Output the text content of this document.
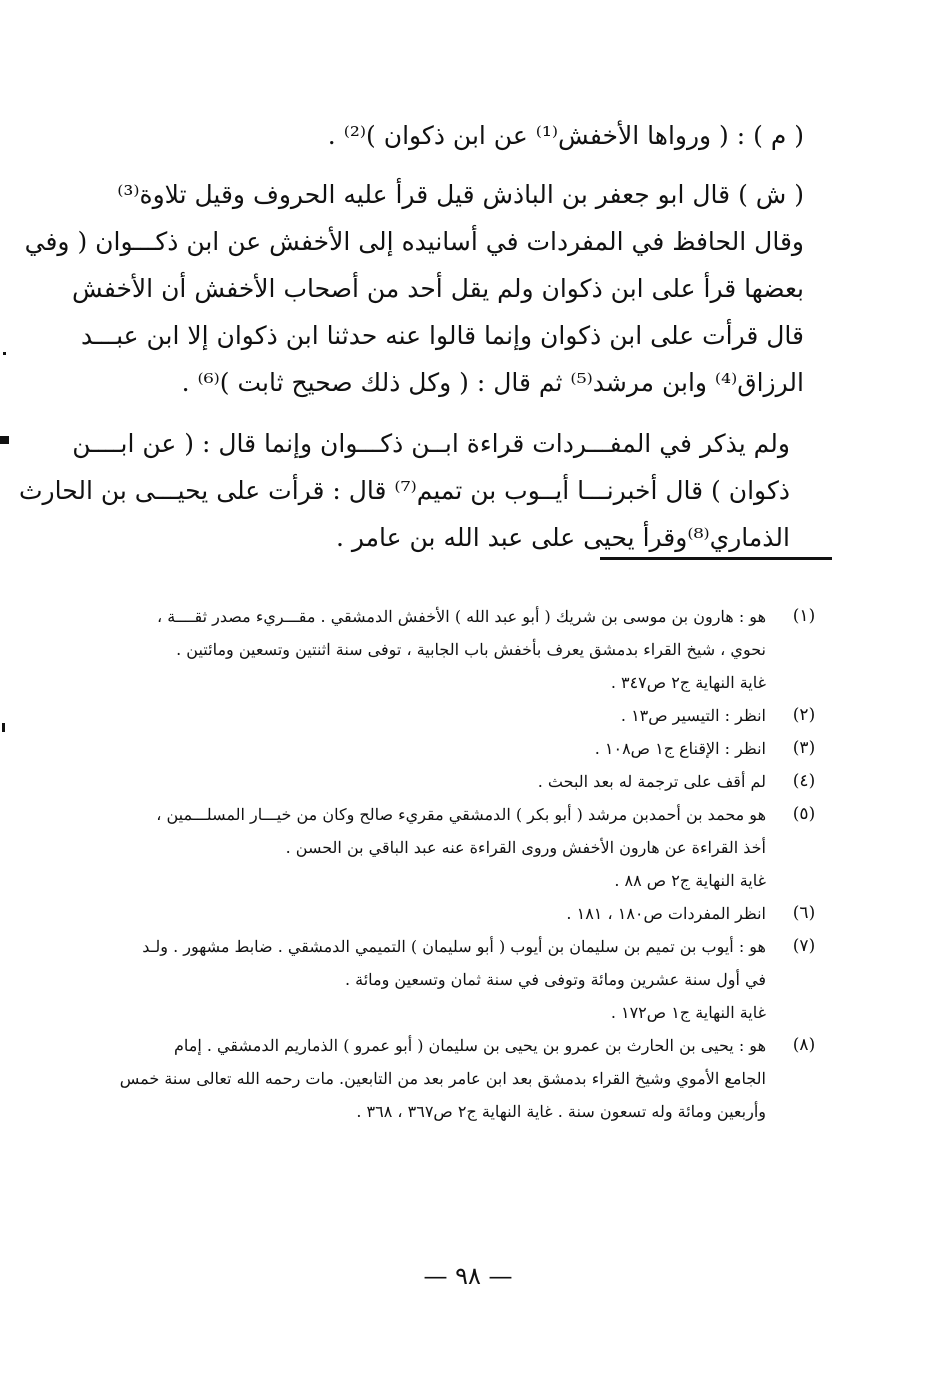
( م ) : ( ورواها الأخفش⁽¹⁾ عن ابن ذكوان )⁽²⁾ .

( ش ) قال ابو جعفر بن الباذش قيل قرأ عليه الحروف وقيل تلاوة⁽³⁾
وقال الحافظ في المفردات في أسانيده إلى الأخفش عن ابن ذكـــوان ( وفي
بعضها قرأ على ابن ذكوان ولم يقل أحد من أصحاب الأخفش أن الأخفش
قال قرأت على ابن ذكوان وإنما قالوا عنه حدثنا ابن ذكوان إلا ابن عبـــد
الرزاق⁽⁴⁾ وابن مرشد⁽⁵⁾ ثم قال : ( وكل ذلك صحيح ثابت )⁽⁶⁾ .

ولم يذكر في المفـــردات قراءة ابــن ذكـــوان وإنما قال : ( عن ابــــن
ذكوان ) قال أخبرنـــا أيــوب بن تميم⁽⁷⁾ قال : قرأت على يحيـــى بن الحارث
الذماري⁽⁸⁾وقرأ يحيى على عبد الله بن عامر .

(١)
هو : هارون بن موسى بن شريك ( أبو عبد الله ) الأخفش الدمشقي . مقـــريء مصدر ثقــــة ،
نحوي ، شيخ القراء بدمشق يعرف بأخفش باب الجابية ، توفى سنة اثنتين وتسعين ومائتين .
غاية النهاية ج٢ ص٣٤٧ .
(٢)
انظر : التيسير ص١٣ .
(٣)
انظر : الإقناع ج١ ص١٠٨ .
(٤)
لم أقف على ترجمة له بعد البحث .
(٥)
هو محمد بن أحمدبن مرشد ( أبو بكر ) الدمشقي مقريء صالح وكان من خيـــار المسلـــمين ،
أخذ القراءة عن هارون الأخفش وروى القراءة عنه عبد الباقي بن الحسن .
غاية النهاية ج٢ ص ٨٨ .
(٦)
انظر المفردات ص١٨٠ ، ١٨١ .
(٧)
هو : أيوب بن تميم بن سليمان بن أيوب ( أبو سليمان ) التميمي الدمشقي . ضابط مشهور . ولـد
في أول سنة عشرين ومائة وتوفى في سنة ثمان وتسعين ومائة .
غاية النهاية ج١ ص١٧٢ .
(٨)
هو : يحيى بن الحارث بن عمرو بن يحيى بن سليمان ( أبو عمرو ) الذماريم الدمشقي . إمام
الجامع الأموي وشيخ القراء بدمشق بعد ابن عامر بعد من التابعين. مات رحمه الله تعالى سنة خمس
وأربعين ومائة وله تسعون سنة . غاية النهاية ج٢ ص٣٦٧ ، ٣٦٨ .
— ٩٨ —
